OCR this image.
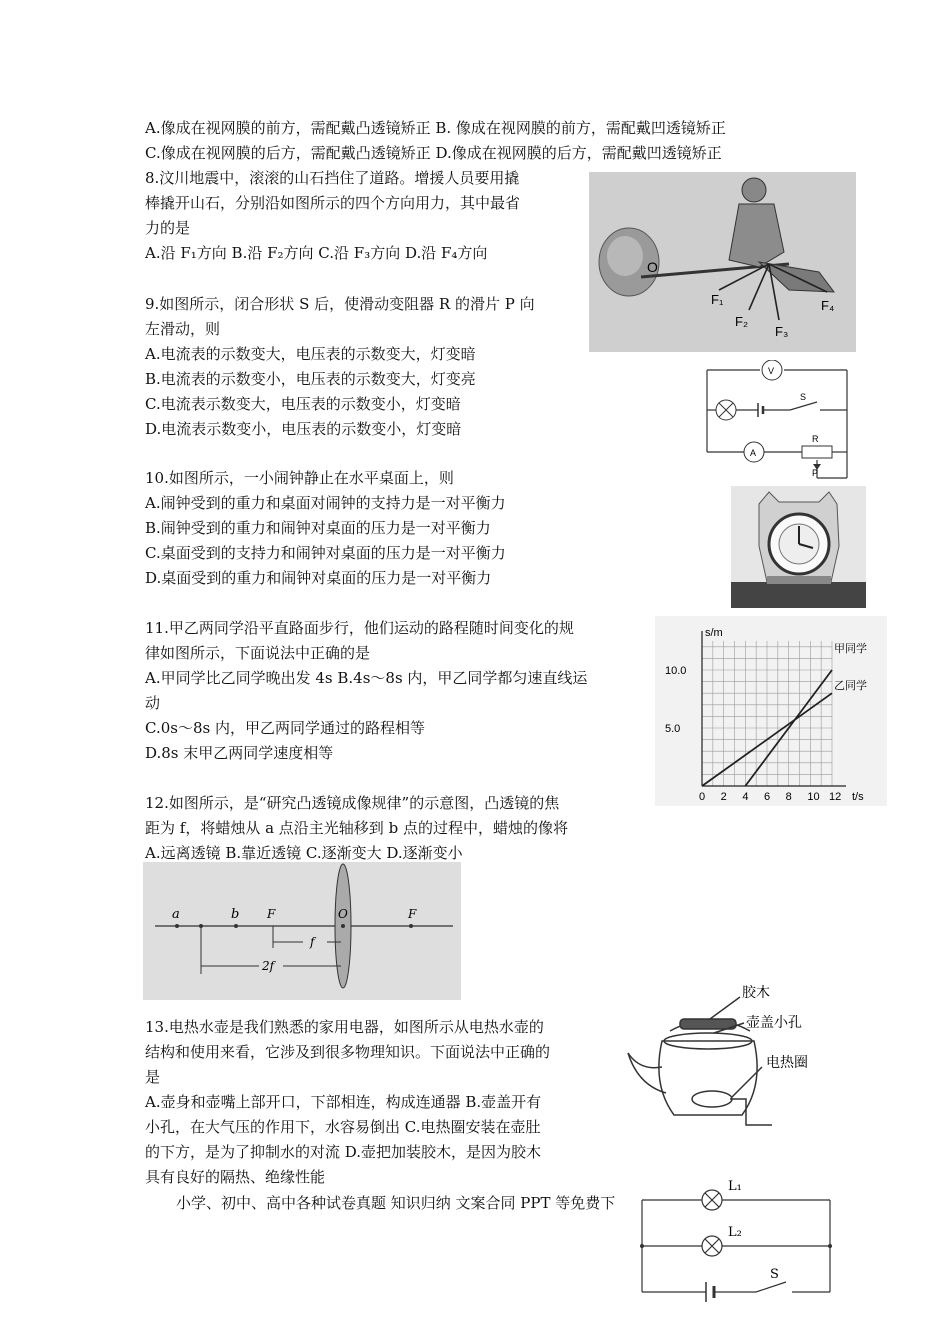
A.像成在视网膜的前方，需配戴凸透镜矫正 B. 像成在视网膜的前方，需配戴凹透镜矫正
C.像成在视网膜的后方，需配戴凸透镜矫正 D.像成在视网膜的后方，需配戴凹透镜矫正
8.汶川地震中，滚滚的山石挡住了道路。增援人员要用撬
棒撬开山石，分别沿如图所示的四个方向用力，其中最省
力的是
A.沿 F₁方向 B.沿 F₂方向 C.沿 F₃方向 D.沿 F₄方向
9.如图所示，闭合形状 S 后，使滑动变阻器 R 的滑片 P 向
左滑动，则
A.电流表的示数变大，电压表的示数变大，灯变暗
B.电流表的示数变小，电压表的示数变大，灯变亮
C.电流表示数变大，电压表的示数变小，灯变暗
D.电流表示数变小，电压表的示数变小，灯变暗
10.如图所示，一小闹钟静止在水平桌面上，则
A.闹钟受到的重力和桌面对闹钟的支持力是一对平衡力
B.闹钟受到的重力和闹钟对桌面的压力是一对平衡力
C.桌面受到的支持力和闹钟对桌面的压力是一对平衡力
D.桌面受到的重力和闹钟对桌面的压力是一对平衡力
11.甲乙两同学沿平直路面步行，他们运动的路程随时间变化的规
律如图所示，下面说法中正确的是
A.甲同学比乙同学晚出发 4s B.4s～8s 内，甲乙同学都匀速直线运
动
C.0s～8s 内，甲乙两同学通过的路程相等
D.8s 末甲乙两同学速度相等
12.如图所示，是“研究凸透镜成像规律”的示意图，凸透镜的焦
距为 f，将蜡烛从 a 点沿主光轴移到 b 点的过程中，蜡烛的像将
A.远离透镜 B.靠近透镜 C.逐渐变大 D.逐渐变小
13.电热水壶是我们熟悉的家用电器，如图所示从电热水壶的
结构和使用来看，它涉及到很多物理知识。下面说法中正确的
是
A.壶身和壶嘴上部开口，下部相连，构成连通器 B.壶盖开有
小孔，在大气压的作用下，水容易倒出 C.电热圈安装在壶肚
的下方，是为了抑制水的对流 D.壶把加装胶木，是因为胶木
具有良好的隔热、绝缘性能
小学、初中、高中各种试卷真题 知识归纳 文案合同 PPT 等免费下
O
F₁
F₂
F₃
F₄
V
S
A
R
P
甲同学
乙同学
0 2 4 6 8 10 12
5.0
10.0
s/m
t/s
a	b F	O	F
f
2f
胶木
壶盖小孔
电热圈
L₁
L₂
S
